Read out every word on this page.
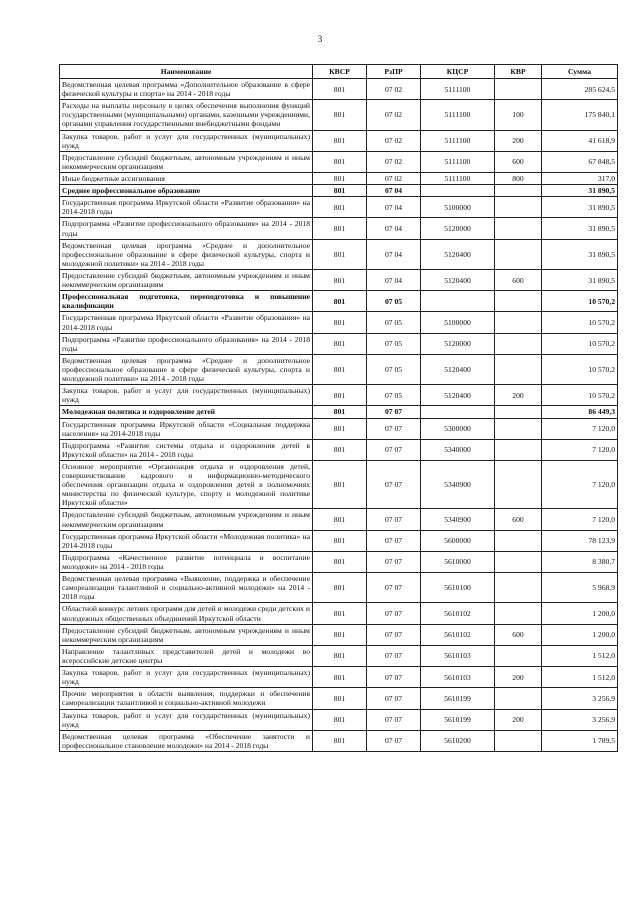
3
Наименование	КВСР	РзПР	КЦСР	КВР	Сумма
Ведомственная целевая программа «Дополнительное образование в сфере физической культуры и спорта» на 2014 - 2018 годы	801	07 02	5111100		285 624,5
Расходы на выплаты персоналу в целях обеспечения выполнения функций государственными (муниципальными) органами, казенными учреждениями, органами управления государственными внебюджетными фондами	801	07 02	5111100	100	175 840,1
Закупка товаров, работ и услуг для государственных (муниципальных) нужд	801	07 02	5111100	200	41 618,9
Предоставление субсидий бюджетным, автономным учреждениям и иным некоммерческим организациям	801	07 02	5111100	600	67 848,5
Иные бюджетные ассигнования	801	07 02	5111100	800	317,0
Среднее профессиональное образование	801	07 04			31 890,5
Государственная программа Иркутской области «Развитие образования» на 2014-2018 годы	801	07 04	5100000		31 890,5
Подпрограмма «Развитие профессионального образования» на 2014 - 2018 годы	801	07 04	5120000		31 890,5
Ведомственная целевая программа «Среднее и дополнительное профессиональное образование в сфере физической культуры, спорта и молодежной политики» на 2014 - 2018 годы	801	07 04	5120400		31 890,5
Предоставление субсидий бюджетным, автономным учреждениям и иным некоммерческим организациям	801	07 04	5120400	600	31 890,5
Профессиональная подготовка, переподготовка и повышение квалификации	801	07 05			10 570,2
Государственная программа Иркутской области «Развитие образования» на 2014-2018 годы	801	07 05	5100000		10 570,2
Подпрограмма «Развитие профессионального образования» на 2014 - 2018 годы	801	07 05	5120000		10 570,2
Ведомственная целевая программа «Среднее и дополнительное профессиональное образование в сфере физической культуры, спорта и молодежной политики» на 2014 - 2018 годы	801	07 05	5120400		10 570,2
Закупка товаров, работ и услуг для государственных (муниципальных) нужд	801	07 05	5120400	200	10 570,2
Молодежная политика и оздоровление детей	801	07 07			86 449,3
Государственная программа Иркутской области «Социальная поддержка населения» на 2014-2018 годы	801	07 07	5300000		7 120,0
Подпрограмма «Развитие системы отдыха и оздоровления детей в Иркутской области» на 2014 - 2018 годы	801	07 07	5340000		7 120,0
Основное мероприятие «Организация отдыха и оздоровления детей, совершенствование кадрового и информационно-методического обеспечения организации отдыха и оздоровления детей в полномочиях министерства по физической культуре, спорту и молодежной политике Иркутской области»	801	07 07	5340900		7 120,0
Предоставление субсидий бюджетным, автономным учреждениям и иным некоммерческим организациям	801	07 07	5340900	600	7 120,0
Государственная программа Иркутской области «Молодежная политика» на 2014-2018 годы	801	07 07	5600000		78 123,9
Подпрограмма «Качественное развитие потенциала и воспитание молодежи» на 2014 - 2018 годы	801	07 07	5610000		8 380,7
Ведомственная целевая программа «Выявление, поддержка и обеспечение самореализации талантливой и социально-активной молодежи» на 2014 - 2018 годы	801	07 07	5610100		5 968,9
Областной конкурс летних программ для детей и молодежи среди детских и молодежных общественных объединений Иркутской области	801	07 07	5610102		1 200,0
Предоставление субсидий бюджетным, автономным учреждениям и иным некоммерческим организациям	801	07 07	5610102	600	1 200,0
Направление талантливых представителей детей и молодежи во всероссийские детские центры	801	07 07	5610103		1 512,0
Закупка товаров, работ и услуг для государственных (муниципальных) нужд	801	07 07	5610103	200	1 512,0
Прочие мероприятия в области выявления, поддержки и обеспечения самореализации талантливой и социально-активной молодежи	801	07 07	5610199		3 256,9
Закупка товаров, работ и услуг для государственных (муниципальных) нужд	801	07 07	5610199	200	3 256,9
Ведомственная целевая программа «Обеспечение занятости и профессиональное становление молодежи» на 2014 - 2018 годы	801	07 07	5610200		1 789,5
